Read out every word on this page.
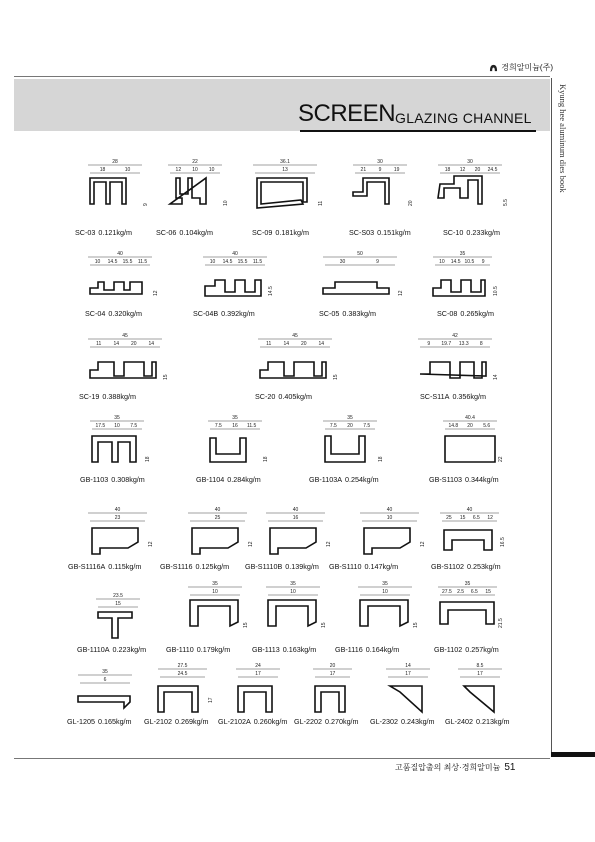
경희알미늄(주)
SCREEN GLAZING CHANNEL	Kyung hee aluminum dies book
28
18	10
9
SC-03 0.121kg/m
22
12 10 10
10
SC-06 0.104kg/m
36.1
13
11
SC-09 0.181kg/m
30
21 9 19
20
SC-S03 0.151kg/m
30
18 12 20 24.5
5.5
SC-10 0.233kg/m
40
10 14.5 15.5 11.5
12
SC-04 0.320kg/m
40
10 14.5 15.5 11.5
14.5
SC-04B 0.392kg/m
50
30	9
12
SC-05 0.383kg/m
35
10 14.5 10.5 9
10.5
SC-08 0.265kg/m
45
11 14 20 14
15
SC-19 0.388kg/m
45
11 14 20 14
15
SC-20 0.405kg/m
42
9 19.7 13.3 8
14
SC-S11A 0.356kg/m
35
17.5 10 7.5
18
GB-1103 0.308kg/m
35
7.5 16 11.5
18
GB-1104 0.284kg/m
35
7.5 20 7.5
18
GB-1103A 0.254kg/m
40.4
14.8 20 5.6
22
GB-S1103 0.344kg/m
40
23
12
GB-S1116A 0.115kg/m
40
25
12
GB-S1116 0.125kg/m
40
16
12
GB-S1110B 0.139kg/m
40
10
12
GB-S1110 0.147kg/m
40
25 15 6.5 12
16.5
GB-S1102 0.253kg/m
23.5
15
GB-1110A 0.223kg/m
35
10
15
GB-1110 0.179kg/m
35
10
15
GB-1113 0.163kg/m
35
10
15
GB-1116 0.164kg/m
35
27.5 2.5 6.5 15
21.5
GB-1102 0.257kg/m
35
6
GL-1205 0.165kg/m
27.5
24.5
17
GL-2102 0.269kg/m
24
17
GL-2102A 0.260kg/m
20
17
GL-2202 0.270kg/m
14
17
GL-2302 0.243kg/m
8.5
17
GL-2402 0.213kg/m
고품질압출의 최상·경희알미늄 51
